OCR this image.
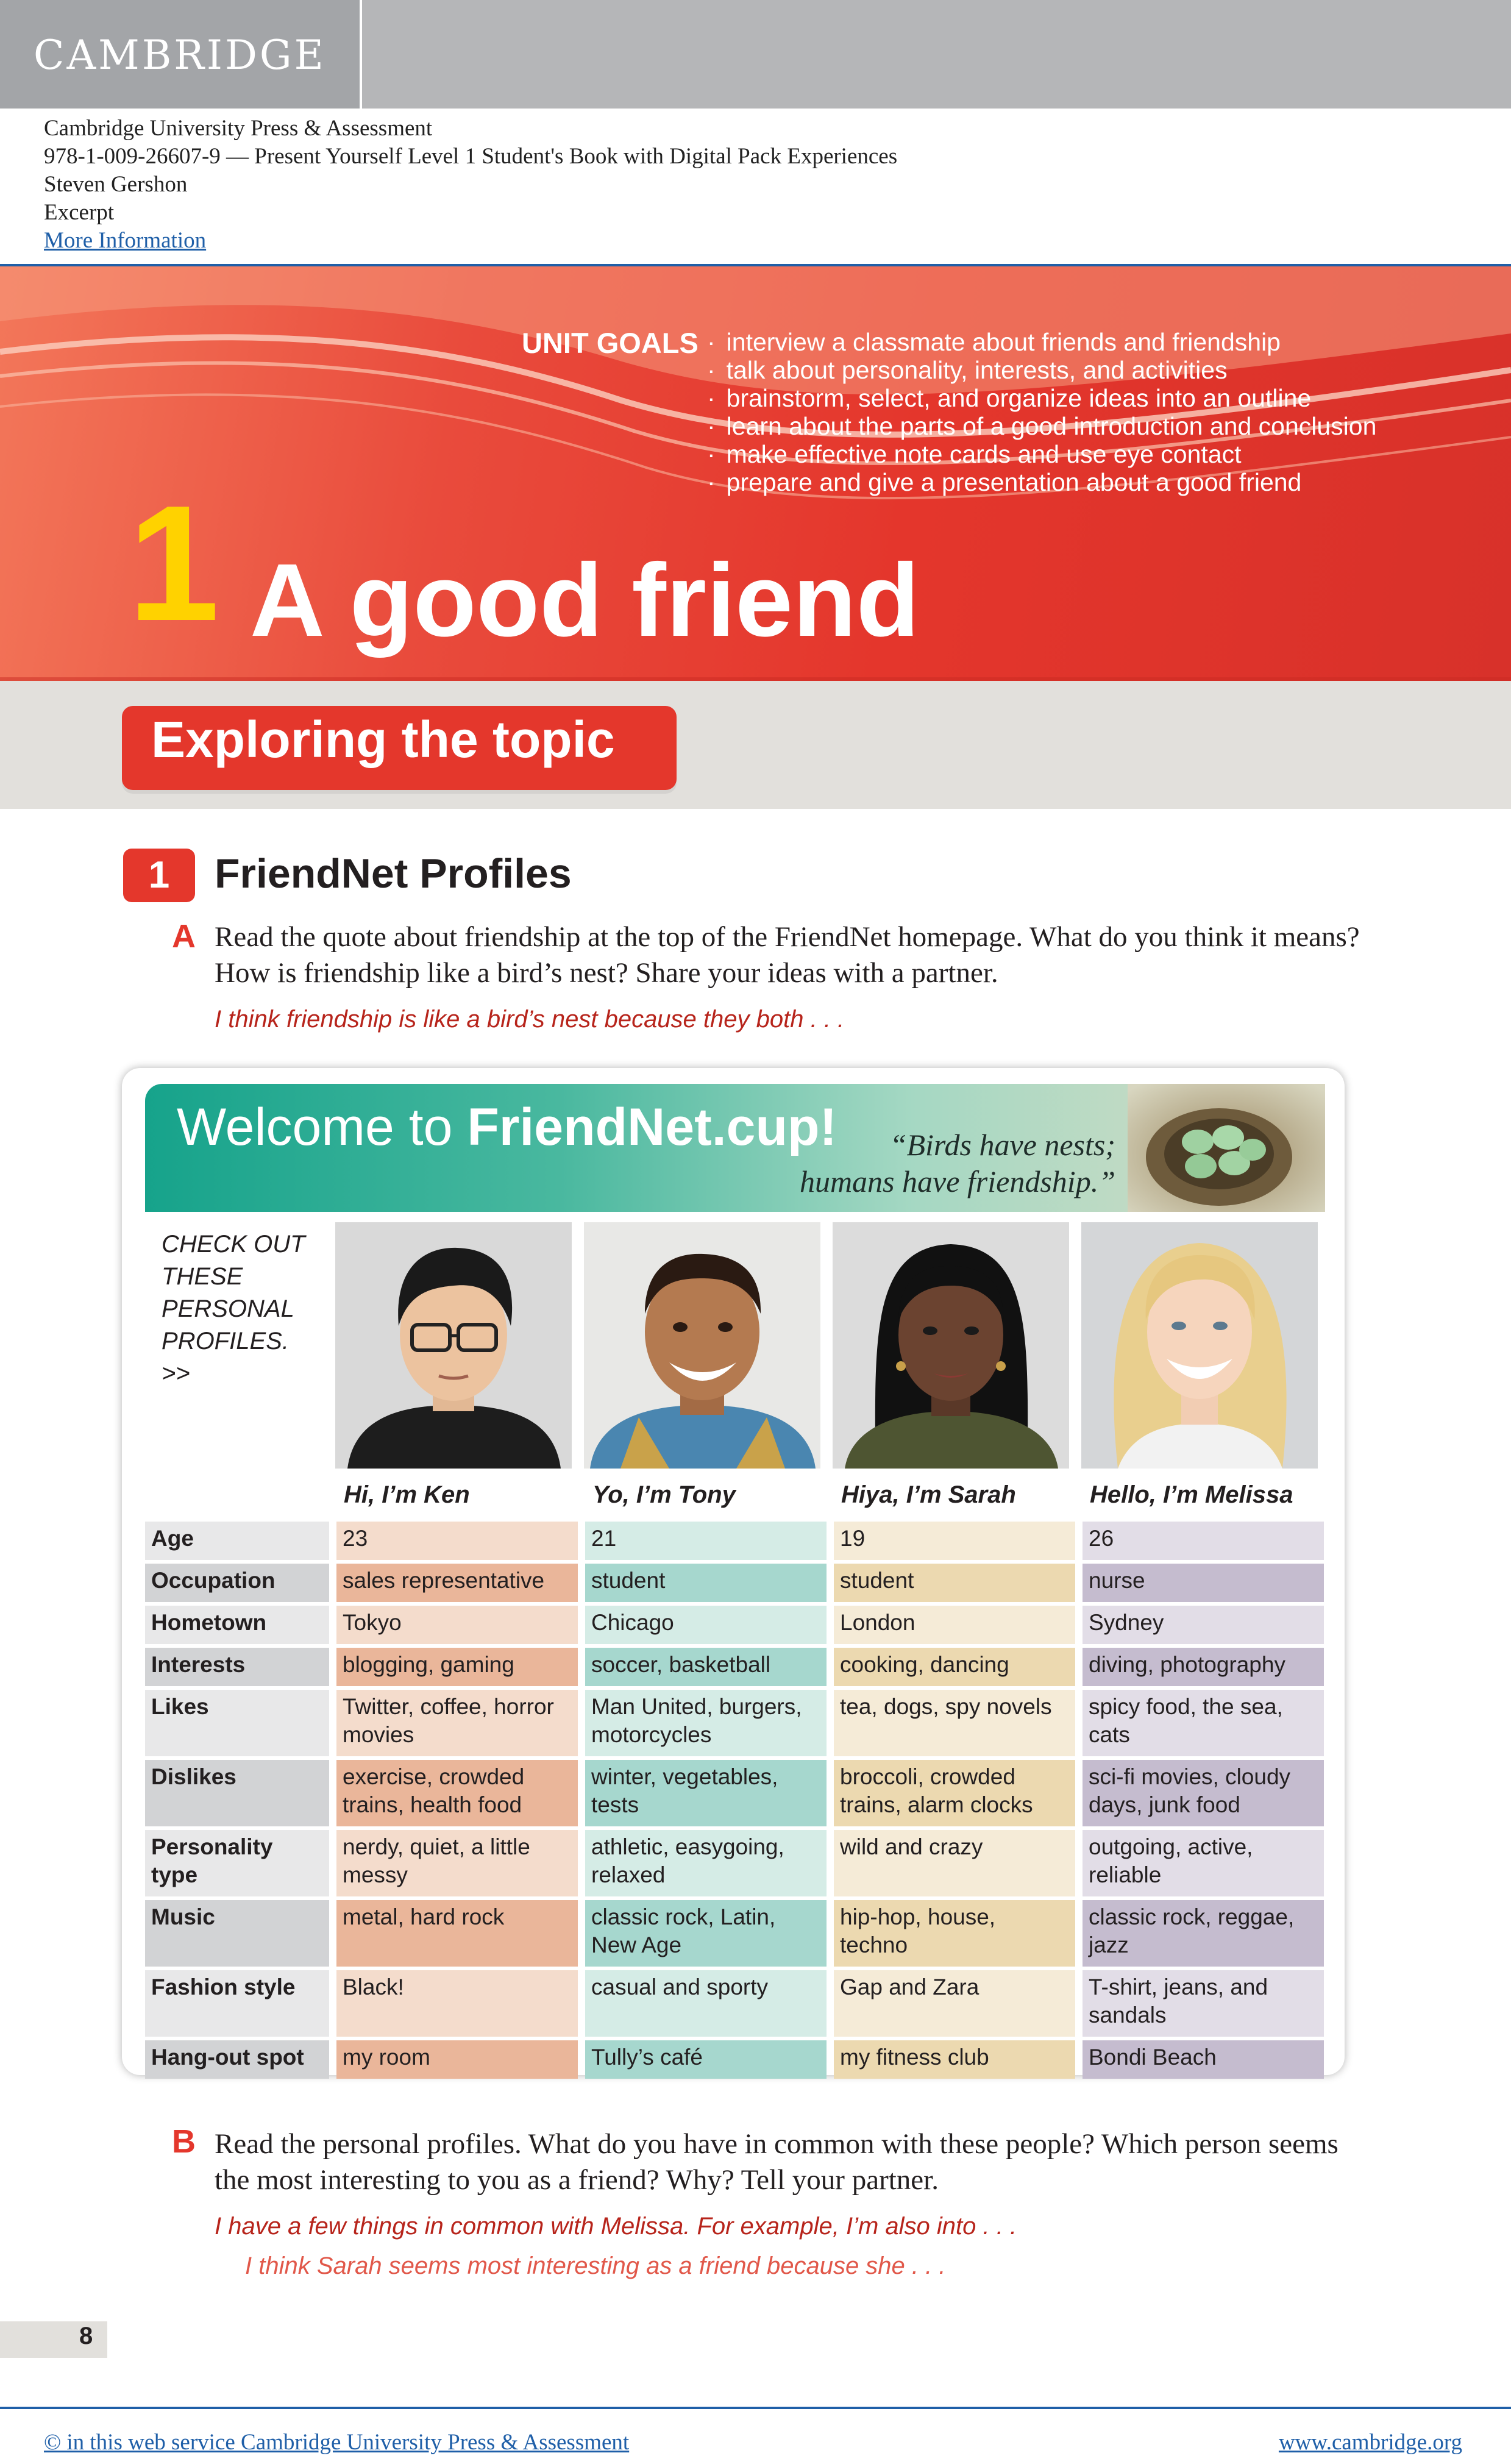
CAMBRIDGE
Cambridge University Press & Assessment
978-1-009-26607-9 — Present Yourself Level 1 Student's Book with Digital Pack Experiences
Steven Gershon
Excerpt
More Information
UNIT GOALS	· interview a classmate about friends and friendship
· talk about personality, interests, and activities
· brainstorm, select, and organize ideas into an outline
· learn about the parts of a good introduction and conclusion
· make effective note cards and use eye contact
· prepare and give a presentation about a good friend
1 A good friend
Exploring the topic
1	FriendNet Profiles
A Read the quote about friendship at the top of the FriendNet homepage. What do you think it means? How is friendship like a bird’s nest? Share your ideas with a partner.
I think friendship is like a bird’s nest because they both . . .
Welcome to FriendNet.cup!	“Birds have nests;
humans have friendship.”
CHECK OUT
THESE
PERSONAL
PROFILES.
>>
Hi, I’m Ken	Yo, I’m Tony	Hiya, I’m Sarah	Hello, I’m Melissa
Age	23	21	19	26
Occupation	sales representative	student	student	nurse
Hometown	Tokyo	Chicago	London	Sydney
Interests	blogging, gaming	soccer, basketball	cooking, dancing	diving, photography
Likes	Twitter, coffee, horror movies	Man United, burgers, motorcycles	tea, dogs, spy novels	spicy food, the sea, cats
Dislikes	exercise, crowded trains, health food	winter, vegetables, tests	broccoli, crowded trains, alarm clocks	sci-fi movies, cloudy days, junk food
Personality type	nerdy, quiet, a little messy	athletic, easygoing, relaxed	wild and crazy	outgoing, active, reliable
Music	metal, hard rock	classic rock, Latin, New Age	hip-hop, house, techno	classic rock, reggae, jazz
Fashion style	Black!	casual and sporty	Gap and Zara	T-shirt, jeans, and sandals
Hang-out spot	my room	Tully’s café	my fitness club	Bondi Beach
B Read the personal profiles. What do you have in common with these people? Which person seems the most interesting to you as a friend? Why? Tell your partner.
I have a few things in common with Melissa. For example, I’m also into . . .
I think Sarah seems most interesting as a friend because she . . .
8
© in this web service Cambridge University Press & Assessment	www.cambridge.org
